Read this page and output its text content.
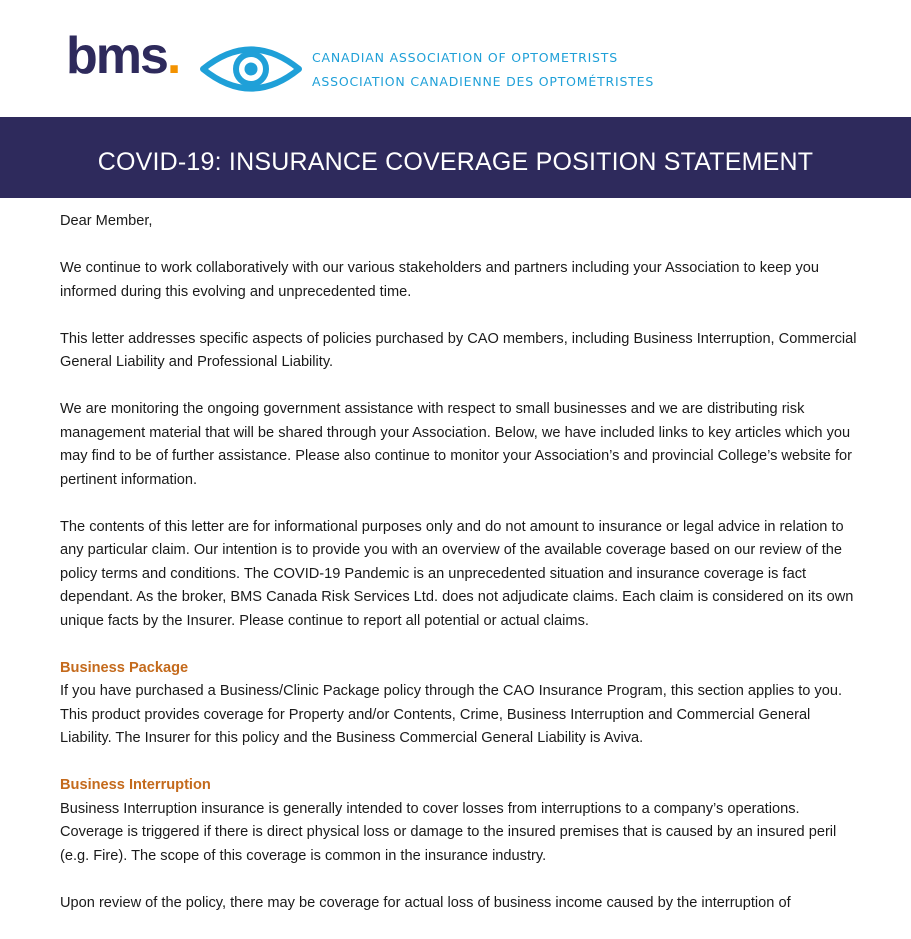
bms.	CANADIAN ASSOCIATION OF OPTOMETRISTS
ASSOCIATION CANADIENNE DES OPTOMÉTRISTES
COVID-19: INSURANCE COVERAGE POSITION STATEMENT

Dear Member,

We continue to work collaboratively with our various stakeholders and partners including your Association to keep you informed during this evolving and unprecedented time.

This letter addresses specific aspects of policies purchased by CAO members, including Business Interruption, Commercial General Liability and Professional Liability.

We are monitoring the ongoing government assistance with respect to small businesses and we are distributing risk management material that will be shared through your Association. Below, we have included links to key articles which you may find to be of further assistance. Please also continue to monitor your Association’s and provincial College’s website for pertinent information.

The contents of this letter are for informational purposes only and do not amount to insurance or legal advice in relation to any particular claim. Our intention is to provide you with an overview of the available coverage based on our review of the policy terms and conditions. The COVID-19 Pandemic is an unprecedented situation and insurance coverage is fact dependant. As the broker, BMS Canada Risk Services Ltd. does not adjudicate claims. Each claim is considered on its own unique facts by the Insurer. Please continue to report all potential or actual claims.

Business Package

If you have purchased a Business/Clinic Package policy through the CAO Insurance Program, this section applies to you. This product provides coverage for Property and/or Contents, Crime, Business Interruption and Commercial General Liability. The Insurer for this policy and the Business Commercial General Liability is Aviva.

Business Interruption

Business Interruption insurance is generally intended to cover losses from interruptions to a company’s operations. Coverage is triggered if there is direct physical loss or damage to the insured premises that is caused by an insured peril (e.g. Fire). The scope of this coverage is common in the insurance industry.

Upon review of the policy, there may be coverage for actual loss of business income caused by the interruption of
